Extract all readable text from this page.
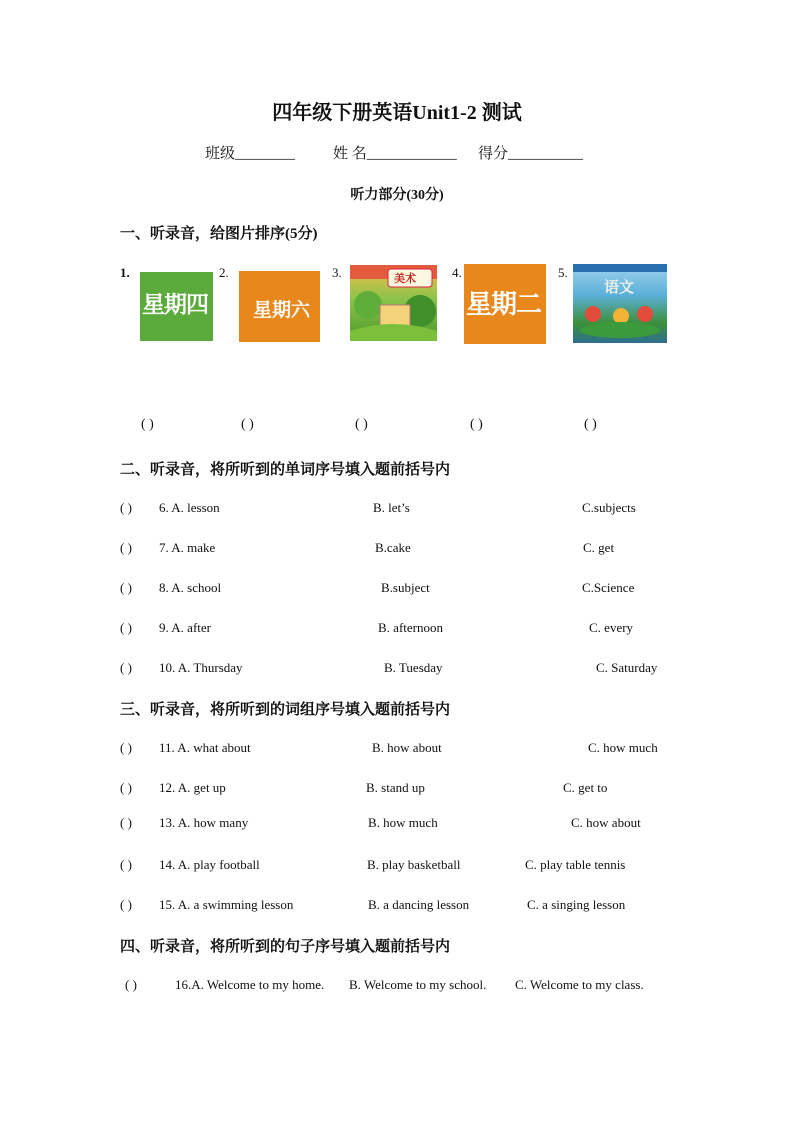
四年级下册英语Unit1-2 测试
班级________	姓 名____________ 得分__________
听力部分(30分)
一、听录音，给图片排序(5分)
1.
星期四
2.
星期六
3.	美术	4.
星期二
5.
语文
( )	( )	( )	( )	( )
二、听录音，将所听到的单词序号填入题前括号内
( ) 6. A. lesson	B. let’s	C.subjects
( ) 7. A. make	B.cake	C. get
( ) 8. A. school	B.subject	C.Science
( ) 9. A. after	B. afternoon	C. every
( ) 10. A. Thursday	B. Tuesday	C. Saturday
三、听录音，将所听到的词组序号填入题前括号内
( ) 11. A. what about	B. how about	C. how much
( ) 12. A. get up	B. stand up	C. get to
( ) 13. A. how many	B. how much	C. how about
( ) 14. A. play football	B. play basketball	C. play table tennis
( ) 15. A. a swimming lesson	B. a dancing lesson	C. a singing lesson
四、听录音，将所听到的句子序号填入题前括号内
( )	16.A. Welcome to my home. B. Welcome to my school. C. Welcome to my class.
